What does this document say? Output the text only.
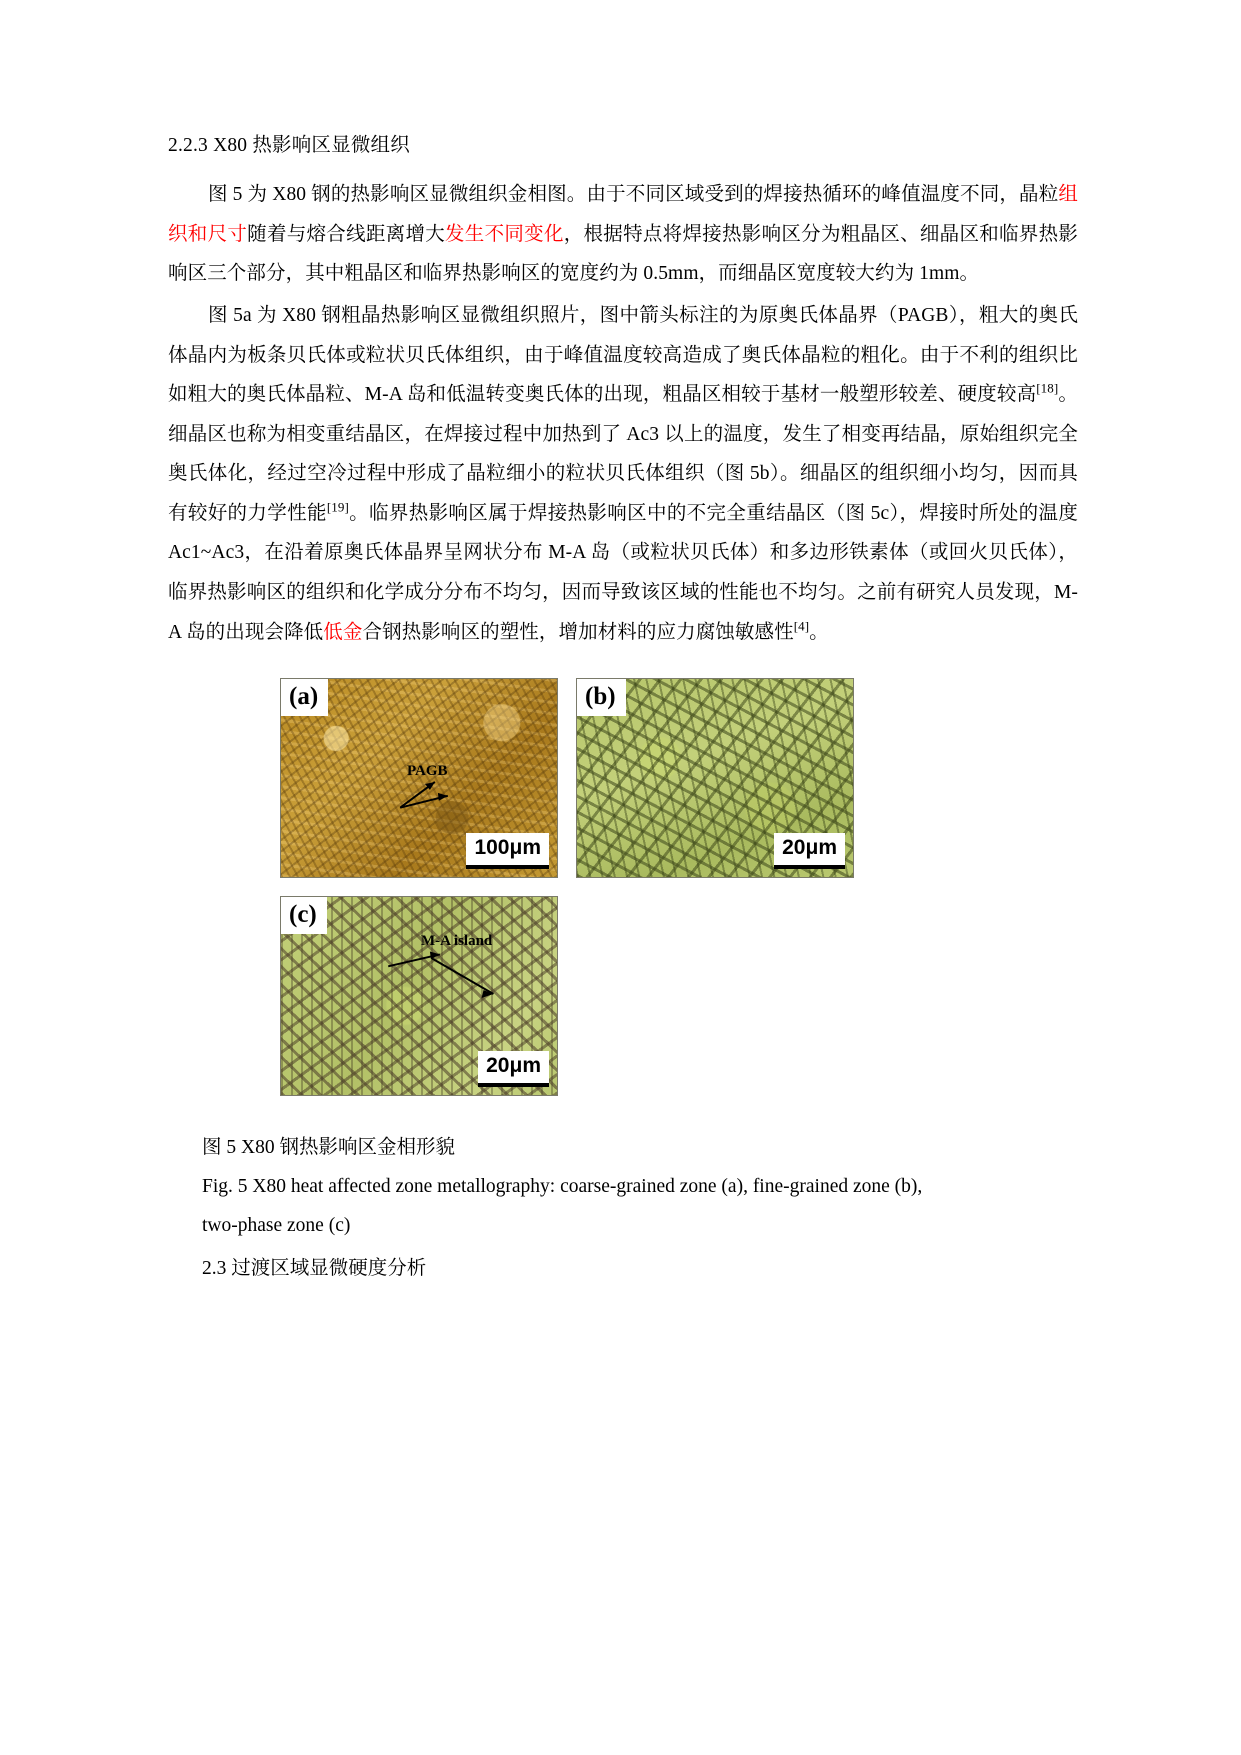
2.2.3 X80 热影响区显微组织

图 5 为 X80 钢的热影响区显微组织金相图。由于不同区域受到的焊接热循环的峰值温度不同，晶粒组织和尺寸随着与熔合线距离增大发生不同变化，根据特点将焊接热影响区分为粗晶区、细晶区和临界热影响区三个部分，其中粗晶区和临界热影响区的宽度约为 0.5mm，而细晶区宽度较大约为 1mm。

图 5a 为 X80 钢粗晶热影响区显微组织照片，图中箭头标注的为原奥氏体晶界（PAGB），粗大的奥氏体晶内为板条贝氏体或粒状贝氏体组织，由于峰值温度较高造成了奥氏体晶粒的粗化。由于不利的组织比如粗大的奥氏体晶粒、M-A 岛和低温转变奥氏体的出现，粗晶区相较于基材一般塑形较差、硬度较高[18]。细晶区也称为相变重结晶区，在焊接过程中加热到了 Ac3 以上的温度，发生了相变再结晶，原始组织完全奥氏体化，经过空冷过程中形成了晶粒细小的粒状贝氏体组织（图 5b）。细晶区的组织细小均匀，因而具有较好的力学性能[19]。临界热影响区属于焊接热影响区中的不完全重结晶区（图 5c），焊接时所处的温度 Ac1~Ac3，在沿着原奥氏体晶界呈网状分布 M-A 岛（或粒状贝氏体）和多边形铁素体（或回火贝氏体），临界热影响区的组织和化学成分分布不均匀，因而导致该区域的性能也不均匀。之前有研究人员发现，M-A 岛的出现会降低低金合钢热影响区的塑性，增加材料的应力腐蚀敏感性[4]。

PAGB
(a)
100μm
(b)
20μm
M-A island
(c)
20μm

图 5 X80 钢热影响区金相形貌

Fig. 5 X80 heat affected zone metallography: coarse-grained zone (a), fine-grained zone (b),

two-phase zone (c)

2.3 过渡区域显微硬度分析
